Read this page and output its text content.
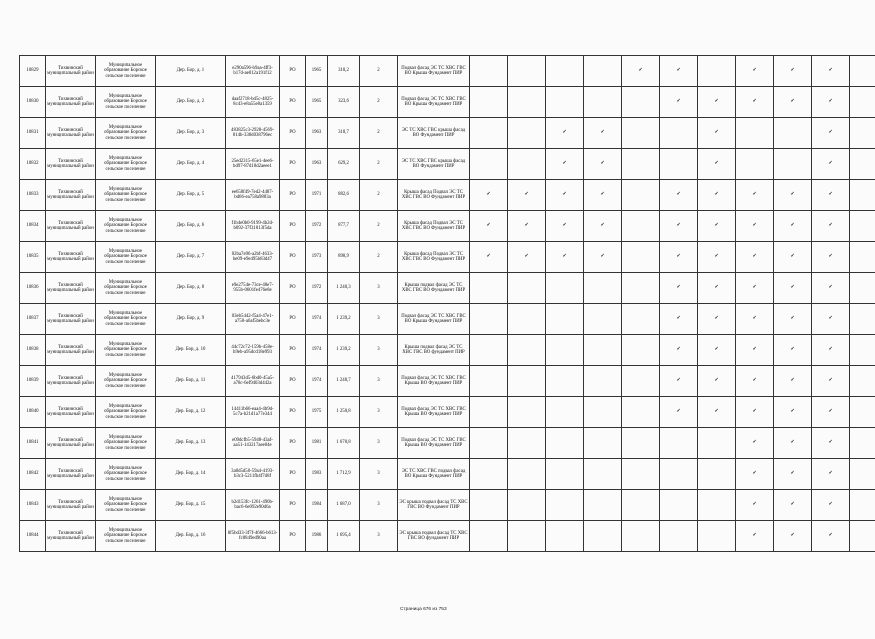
10829	Тихвинский муниципальный район	Муниципальное образование Борское сельское поселение	Дер. Бор, д. 1	e290a596-b9aa-4ff3-b17d-ae012a191f12	РО	1965	318,2	2	Подвал фасад ЭС ТС ХВС ГВС ВО Крыша Фундамент ПИР					✓	✓		✓	✓	✓		
10830	Тихвинский муниципальный район	Муниципальное образование Борское сельское поселение	Дер. Бор, д. 2	daaf2718-bd5c-4825-8c43-e8a55e8a1359	РО	1965	323,6	2	Подвал фасад ЭС ТС ХВС ГВС ВО Крыша Фундамент ПИР						✓	✓	✓	✓	✓		
10831	Тихвинский муниципальный район	Муниципальное образование Борское сельское поселение	Дер. Бор, д. 3	483825c3-2928-4569-814b-338d038796ec	РО	1963	318,7	2	ЭС ТС ХВС ГВС крыша фасад ВО Фундамент ПИР			✓	✓			✓			✓		
10832	Тихвинский муниципальный район	Муниципальное образование Борское сельское поселение	Дер. Бор, д. 4	25ed2315-65e1-4ee6-bd97-87d18d2aeee1	РО	1963	629,2	2	ЭС ТС ХВС ГВС крыша фасад ВО Фундамент ПИР			✓	✓			✓			✓		
10833	Тихвинский муниципальный район	Муниципальное образование Борское сельское поселение	Дер. Бор, д. 5	ee658f49-7ed2-4487-bd66-ea758a9883a	РО	1971	882,6	2	Крыша фасад Подвал ЭС ТС ХВС ГВС ВО Фундамент ПИР	✓	✓	✓	✓		✓	✓	✓	✓	✓		
10834	Тихвинский муниципальный район	Муниципальное образование Борское сельское поселение	Дер. Бор, д. 6	f1b4e0b0-9199-4b2d-b092-37f31813f5da	РО	1972	877,7	2	Крыша фасад Подвал ЭС ТС ХВС ГВС ВО Фундамент ПИР	✓	✓	✓	✓		✓	✓	✓	✓	✓		
10835	Тихвинский муниципальный район	Муниципальное образование Борское сельское поселение	Дер. Бор, д. 7	02ba7e96-a2bf-4633-be09-e9e495b83d47	РО	1973	898,9	2	Крыша фасад Подвал ЭС ТС ХВС ГВС ВО Фундамент ПИР	✓	✓	✓	✓		✓	✓	✓	✓	✓		
10836	Тихвинский муниципальный район	Муниципальное образование Борское сельское поселение	Дер. Бор, д. 8	e9e2754e-73ce-48e7-955b-0601fe476e8e	РО	1972	1 240,3	3	Крыша подвал фасад ЭС ТС ХВС ГВС ВО Фундамент ПИР						✓	✓	✓	✓	✓		
10837	Тихвинский муниципальный район	Муниципальное образование Борское сельское поселение	Дер. Бор, д. 9	03eb5442-f5a4-47e1-a758-a6af5bebc3e	РО	1974	1 239,2	3	Подвал фасад ЭС ТС ХВС ГВС ВО Крыша Фундамент ПИР						✓	✓	✓	✓	✓		
10838	Тихвинский муниципальный район	Муниципальное образование Борское сельское поселение	Дер. Бор, д. 10	44c72c72-159b-458e-b9eb-a95dcd18e993	РО	1974	1 239,2	3	Крыша подвал фасад ЭС ТС ХВС ГВС ВО фундамент ПИР						✓	✓	✓	✓	✓		
10839	Тихвинский муниципальный район	Муниципальное образование Борское сельское поселение	Дер. Бор, д. 11	417943d5-6bd0-45a5-a78c-6ef9403d442a	РО	1974	1 248,7	3	Подвал фасад ЭС ТС ХВС ГВС Крыша ВО Фундамент ПИР						✓	✓	✓	✓	✓		
10840	Тихвинский муниципальный район	Муниципальное образование Борское сельское поселение	Дер. Бор, д. 12	14411b66-eaa4-4b9d-5c7a-b21d1a77e344	РО	1975	1 250,8	3	Подвал фасад ЭС ТС ХВС ГВС Крыша ВО Фундамент ПИР						✓	✓	✓	✓	✓		
10841	Тихвинский муниципальный район	Муниципальное образование Борское сельское поселение	Дер. Бор, д. 13	e09dcfb5-5948-43af-aa51-143217aee04e	РО	1981	1 670,8	3	Подвал фасад ЭС ТС ХВС ГВС Крыша ВО Фундамент ПИР								✓	✓	✓		
10842	Тихвинский муниципальный район	Муниципальное образование Борское сельское поселение	Дер. Бор, д. 14	3a0d5d50-59a4-4193-b3c3-5211fb4f7d8f	РО	1983	1 712,9	3	ЭС ТС ХВС ГВС подвал фасад ВО Крыша Фундамент ПИР								✓	✓	✓		
10843	Тихвинский муниципальный район	Муниципальное образование Борское сельское поселение	Дер. Бор, д. 15	b2d153fc-1261-490b-bac6-6e092e90d6a	РО	1984	1 687,0	3	ЭС крыша подвал фасад ТС ХВС ГВС ВО Фундамент ПИР								✓	✓	✓		
10844	Тихвинский муниципальный район	Муниципальное образование Борское сельское поселение	Дер. Бор, д. 16	8f5bd33-3f7f-4666-b613-fc8849ed90aa	РО	1986	1 695,4	3	ЭС крыша подвал фасад ТС ХВС ГВС ВО фундамент ПИР								✓	✓	✓		
Страница 676 из 753
